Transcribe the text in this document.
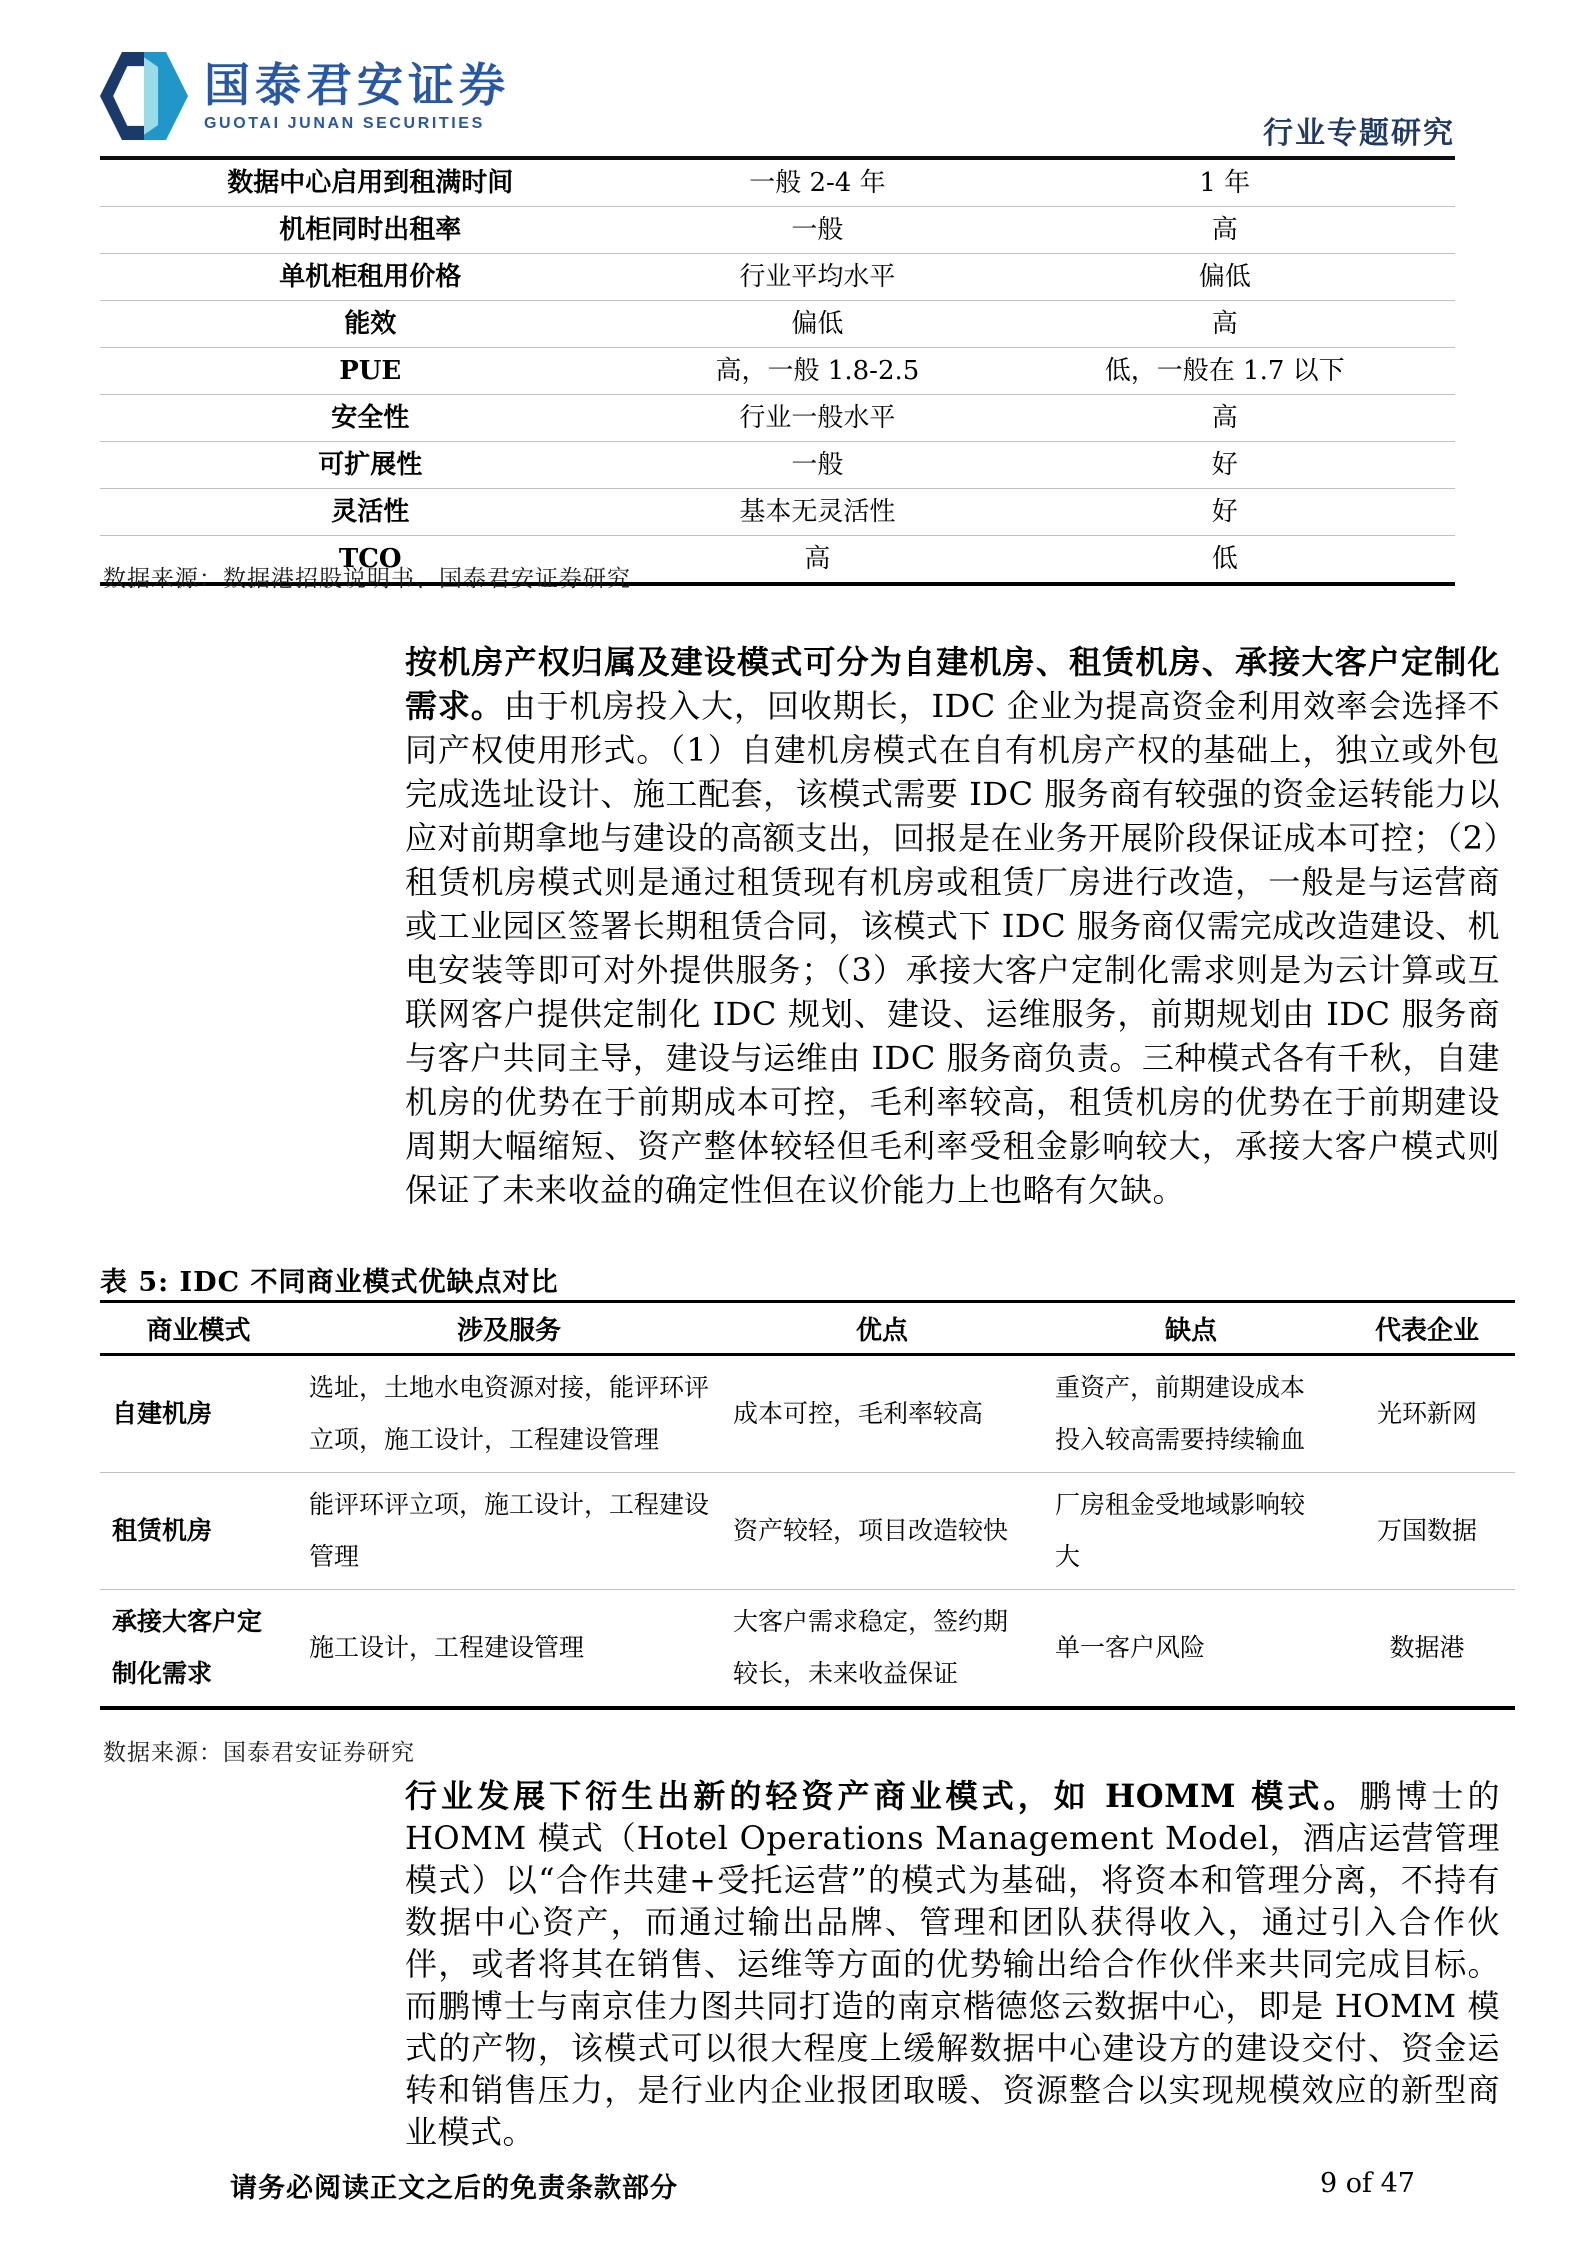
国泰君安证券
GUOTAI JUNAN SECURITIES	行业专题研究
数据中心启用到租满时间	一般 2-4 年	1 年
机柜同时出租率	一般	高
单机柜租用价格	行业平均水平	偏低
能效	偏低	高
PUE	高，一般 1.8-2.5	低，一般在 1.7 以下
安全性	行业一般水平	高
可扩展性	一般	好
灵活性	基本无灵活性	好
TCO	高	低
数据来源：数据港招股说明书、国泰君安证券研究
按机房产权归属及建设模式可分为自建机房、租赁机房、承接大客户定制化需求。由于机房投入大，回收期长，IDC 企业为提高资金利用效率会选择不同产权使用形式。（1）自建机房模式在自有机房产权的基础上，独立或外包完成选址设计、施工配套，该模式需要 IDC 服务商有较强的资金运转能力以应对前期拿地与建设的高额支出，回报是在业务开展阶段保证成本可控；（2）租赁机房模式则是通过租赁现有机房或租赁厂房进行改造，一般是与运营商或工业园区签署长期租赁合同，该模式下 IDC 服务商仅需完成改造建设、机电安装等即可对外提供服务；（3）承接大客户定制化需求则是为云计算或互联网客户提供定制化 IDC 规划、建设、运维服务，前期规划由 IDC 服务商与客户共同主导，建设与运维由 IDC 服务商负责。三种模式各有千秋，自建机房的优势在于前期成本可控，毛利率较高，租赁机房的优势在于前期建设周期大幅缩短、资产整体较轻但毛利率受租金影响较大，承接大客户模式则保证了未来收益的确定性但在议价能力上也略有欠缺。
表 5: IDC 不同商业模式优缺点对比
商业模式	涉及服务	优点	缺点	代表企业
自建机房	选址，土地水电资源对接，能评环评立项，施工设计，工程建设管理	成本可控，毛利率较高	重资产，前期建设成本投入较高需要持续输血	光环新网
租赁机房	能评环评立项，施工设计，工程建设管理	资产较轻，项目改造较快	厂房租金受地域影响较大	万国数据
承接大客户定制化需求	施工设计，工程建设管理	大客户需求稳定，签约期较长，未来收益保证	单一客户风险	数据港
数据来源：国泰君安证券研究
行业发展下衍生出新的轻资产商业模式，如 HOMM 模式。鹏博士的 HOMM 模式（Hotel Operations Management Model，酒店运营管理模式）以“合作共建+受托运营”的模式为基础，将资本和管理分离，不持有数据中心资产，而通过输出品牌、管理和团队获得收入，通过引入合作伙伴，或者将其在销售、运维等方面的优势输出给合作伙伴来共同完成目标。而鹏博士与南京佳力图共同打造的南京楷德悠云数据中心，即是 HOMM 模式的产物，该模式可以很大程度上缓解数据中心建设方的建设交付、资金运转和销售压力，是行业内企业报团取暖、资源整合以实现规模效应的新型商业模式。
请务必阅读正文之后的免责条款部分	9 of 47
